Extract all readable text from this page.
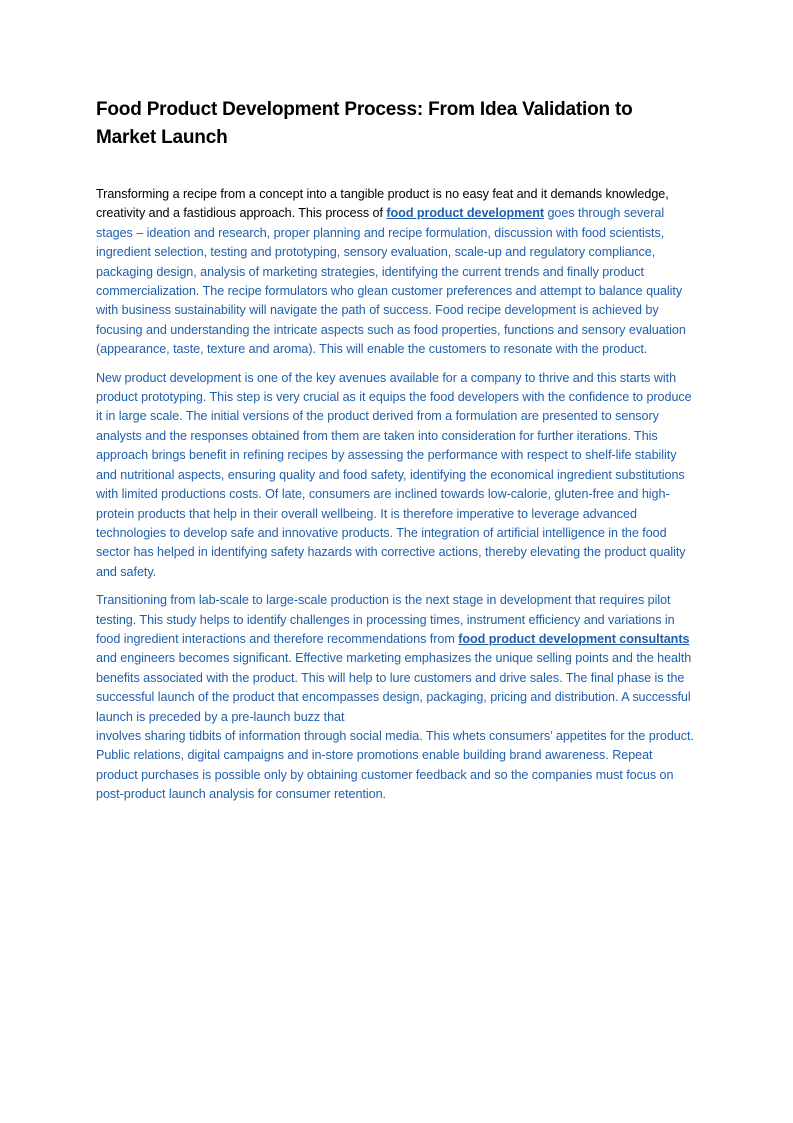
Food Product Development Process: From Idea Validation to Market Launch

Transforming a recipe from a concept into a tangible product is no easy feat and it demands knowledge, creativity and a fastidious approach. This process of food product development goes through several stages – ideation and research, proper planning and recipe formulation, discussion with food scientists, ingredient selection, testing and prototyping, sensory evaluation, scale-up and regulatory compliance, packaging design, analysis of marketing strategies, identifying the current trends and finally product commercialization. The recipe formulators who glean customer preferences and attempt to balance quality with business sustainability will navigate the path of success. Food recipe development is achieved by focusing and understanding the intricate aspects such as food properties, functions and sensory evaluation (appearance, taste, texture and aroma). This will enable the customers to resonate with the product.

New product development is one of the key avenues available for a company to thrive and this starts with product prototyping. This step is very crucial as it equips the food developers with the confidence to produce it in large scale. The initial versions of the product derived from a formulation are presented to sensory analysts and the responses obtained from them are taken into consideration for further iterations. This approach brings benefit in refining recipes by assessing the performance with respect to shelf-life stability and nutritional aspects, ensuring quality and food safety, identifying the economical ingredient substitutions with limited productions costs. Of late, consumers are inclined towards low-calorie, gluten-free and high-protein products that help in their overall wellbeing. It is therefore imperative to leverage advanced technologies to develop safe and innovative products. The integration of artificial intelligence in the food sector has helped in identifying safety hazards with corrective actions, thereby elevating the product quality and safety.

Transitioning from lab-scale to large-scale production is the next stage in development that requires pilot testing. This study helps to identify challenges in processing times, instrument efficiency and variations in food ingredient interactions and therefore recommendations from food product development consultants and engineers becomes significant. Effective marketing emphasizes the unique selling points and the health benefits associated with the product. This will help to lure customers and drive sales. The final phase is the successful launch of the product that encompasses design, packaging, pricing and distribution. A successful launch is preceded by a pre-launch buzz that
involves sharing tidbits of information through social media. This whets consumers’ appetites for the product. Public relations, digital campaigns and in-store promotions enable building brand awareness. Repeat product purchases is possible only by obtaining customer feedback and so the companies must focus on post-product launch analysis for consumer retention.
